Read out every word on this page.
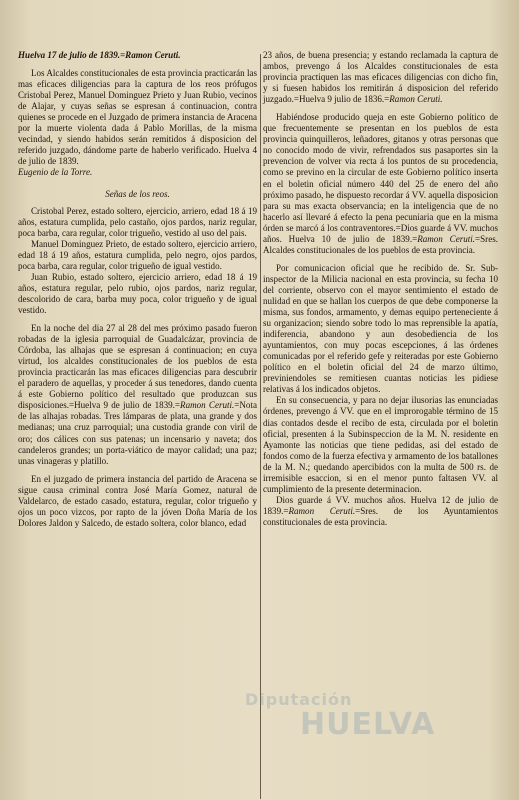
Huelva 17 de julio de 1839.=Ramon Ceruti.

Los Alcaldes constitucionales de esta provincia practicarán las mas eficaces diligencias para la captura de los reos prófugos Cristobal Perez, Manuel Dominguez Prieto y Juan Rubio, vecinos de Alajar, y cuyas señas se espresan á continuacion, contra quienes se procede en el Juzgado de primera instancia de Aracena por la muerte violenta dada á Pablo Morillas, de la misma vecindad, y siendo habidos serán remitidos á disposicion del referido juzgado, dándome parte de haberlo verificado. Huelva 4 de julio de 1839.

Eugenio de la Torre.

Señas de los reos.

Cristobal Perez, estado soltero, ejercicio, arriero, edad 18 á 19 años, estatura cumplida, pelo castaño, ojos pardos, nariz regular, poca barba, cara regular, color trigueño, vestido al uso del pais.

Manuel Dominguez Prieto, de estado soltero, ejercicio arriero, edad 18 á 19 años, estatura cumplida, pelo negro, ojos pardos, poca barba, cara regular, color trigueño de igual vestido.

Juan Rubio, estado soltero, ejercicio arriero, edad 18 á 19 años, estatura regular, pelo rubio, ojos pardos, nariz regular, descolorido de cara, barba muy poca, color trigueño y de igual vestido.

En la noche del dia 27 al 28 del mes próximo pasado fueron robadas de la iglesia parroquial de Guadalcázar, provincia de Córdoba, las alhajas que se espresan á continuacion; en cuya virtud, los alcaldes constitucionales de los pueblos de esta provincia practicarán las mas eficaces diligencias para descubrir el paradero de aquellas, y proceder á sus tenedores, dando cuenta á este Gobierno político del resultado que produzcan sus disposiciones.=Huelva 9 de julio de 1839.=Ramon Ceruti.=Nota de las alhajas robadas. Tres lámparas de plata, una grande y dos medianas; una cruz parroquial; una custodia grande con viril de oro; dos cálices con sus patenas; un incensario y naveta; dos candeleros grandes; un porta-viático de mayor calidad; una paz; unas vinageras y platillo.

En el juzgado de primera instancia del partido de Aracena se sigue causa criminal contra José María Gomez, natural de Valdelarco, de estado casado, estatura, regular, color trigueño y ojos un poco vizcos, por rapto de la jóven Doña María de los Dolores Jaldon y Salcedo, de estado soltera, color blanco, edad

23 años, de buena presencia; y estando reclamada la captura de ambos, prevengo á los Alcaldes constitucionales de esta provincia practiquen las mas eficaces diligencias con dicho fin, y si fuesen habidos los remitirán á disposicion del referido juzgado.=Huelva 9 julio de 1836.=Ramon Ceruti.

Habiéndose producido queja en este Gobierno político de que frecuentemente se presentan en los pueblos de esta provincia quinquilleros, leñadores, gitanos y otras personas que no conocido modo de vivir, refrendados sus pasaportes sin la prevencion de volver via recta á los puntos de su procedencia, como se previno en la circular de este Gobierno político inserta en el boletin oficial número 440 del 25 de enero del año próximo pasado, he dispuesto recordar á VV. aquella disposicion para su mas exacta observancia; en la inteligencia que de no hacerlo así llevaré á efecto la pena pecuniaria que en la misma órden se marcó á los contraventores.=Dios guarde á VV. muchos años. Huelva 10 de julio de 1839.=Ramon Ceruti.=Sres. Alcaldes constitucionales de los pueblos de esta provincia.

Por comunicacion oficial que he recibido de. Sr. Sub-inspector de la Milicia nacional en esta provincia, su fecha 10 del corriente, observo con el mayor sentimiento el estado de nulidad en que se hallan los cuerpos de que debe componerse la misma, sus fondos, armamento, y demas equipo perteneciente á su organizacion; siendo sobre todo lo mas reprensible la apatía, indiferencia, abandono y aun desobediencia de los ayuntamientos, con muy pocas escepciones, á las órdenes comunicadas por el referido gefe y reiteradas por este Gobierno político en el boletin oficial del 24 de marzo último, previniendoles se remitiesen cuantas noticias les pidiese relativas á los indicados objetos.

En su consecuencia, y para no dejar ilusorias las enunciadas órdenes, prevengo á VV. que en el improrogable término de 15 dias contados desde el recibo de esta, circulada por el boletin oficial, presenten á la Subinspeccion de la M. N. residente en Ayamonte las noticias que tiene pedidas, asi del estado de fondos como de la fuerza efectiva y armamento de los batallones de la M. N.; quedando apercibidos con la multa de 500 rs. de irremisible esaccion, si en el menor punto faltasen VV. al cumplimiento de la presente determinacion.

Dios guarde á VV. muchos años. Huelva 12 de julio de 1839.=Ramon Ceruti.=Sres. de los Ayuntamientos constitucionales de esta provincia.

Diputación
HUELVA
